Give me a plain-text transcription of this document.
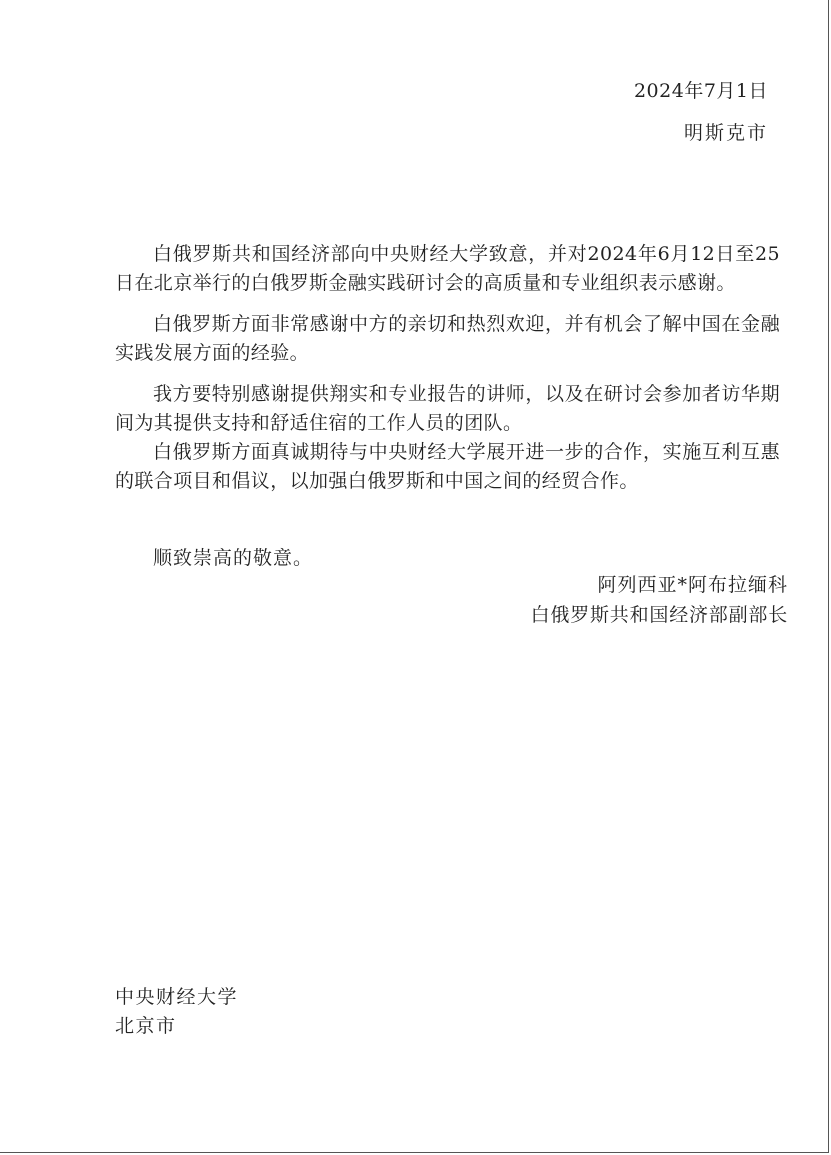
2024年7月1日
明斯克市

白俄罗斯共和国经济部向中央财经大学致意，并对2024年6月12日至25日在北京举行的白俄罗斯金融实践研讨会的高质量和专业组织表示感谢。

白俄罗斯方面非常感谢中方的亲切和热烈欢迎，并有机会了解中国在金融实践发展方面的经验。

我方要特别感谢提供翔实和专业报告的讲师，以及在研讨会参加者访华期间为其提供支持和舒适住宿的工作人员的团队。

白俄罗斯方面真诚期待与中央财经大学展开进一步的合作，实施互利互惠的联合项目和倡议，以加强白俄罗斯和中国之间的经贸合作。

顺致崇高的敬意。
阿列西亚*阿布拉缅科
白俄罗斯共和国经济部副部长
中央财经大学
北京市
